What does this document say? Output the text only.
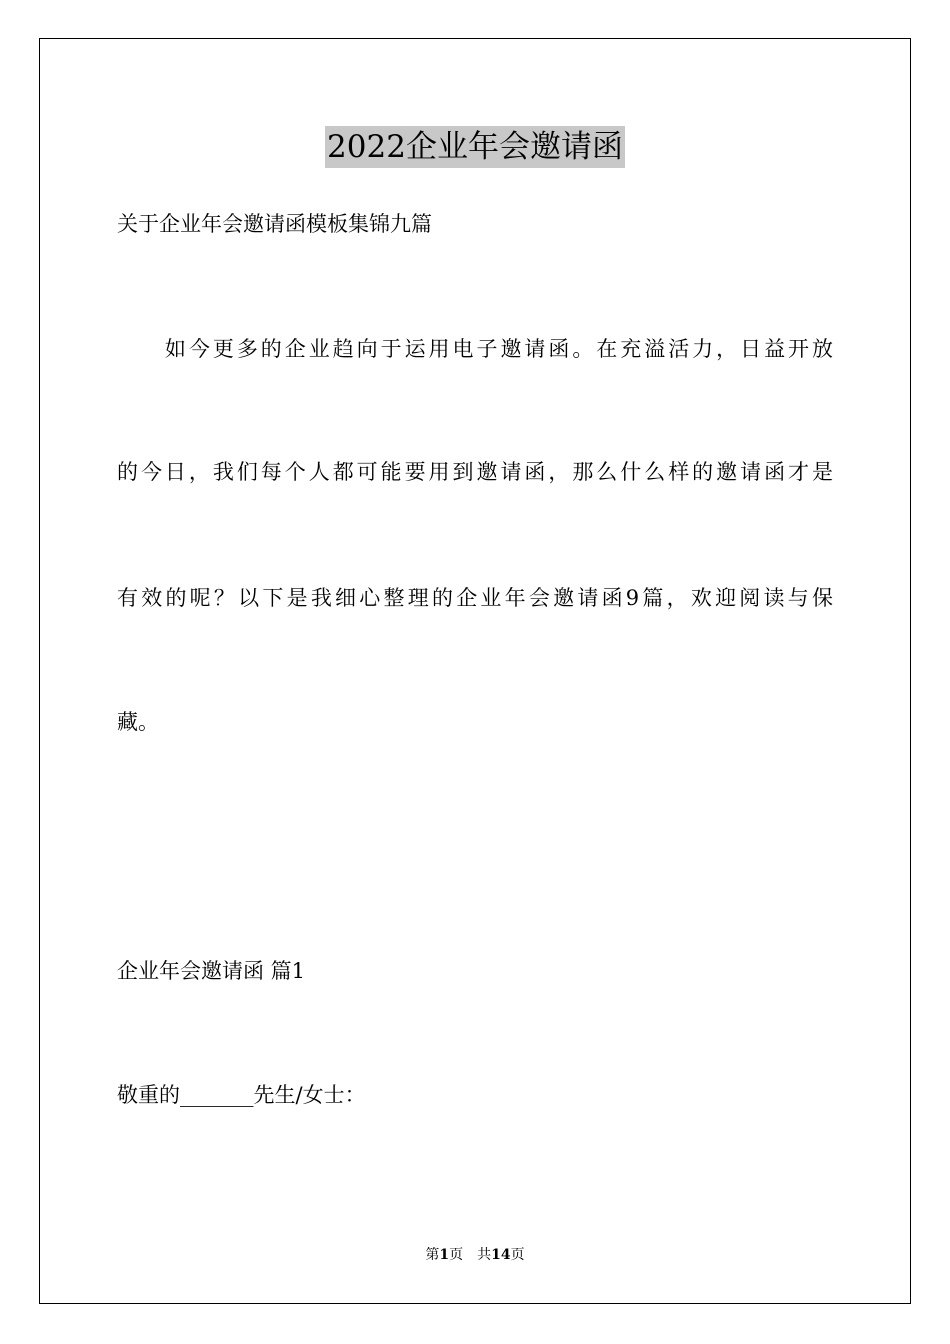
2022企业年会邀请函
关于企业年会邀请函模板集锦九篇
　　如今更多的企业趋向于运用电子邀请函。在充溢活力，日益开放
的今日，我们每个人都可能要用到邀请函，那么什么样的邀请函才是
有效的呢？以下是我细心整理的企业年会邀请函9篇，欢迎阅读与保
藏。
企业年会邀请函 篇1
敬重的_______先生/女士：
第1页　共14页
